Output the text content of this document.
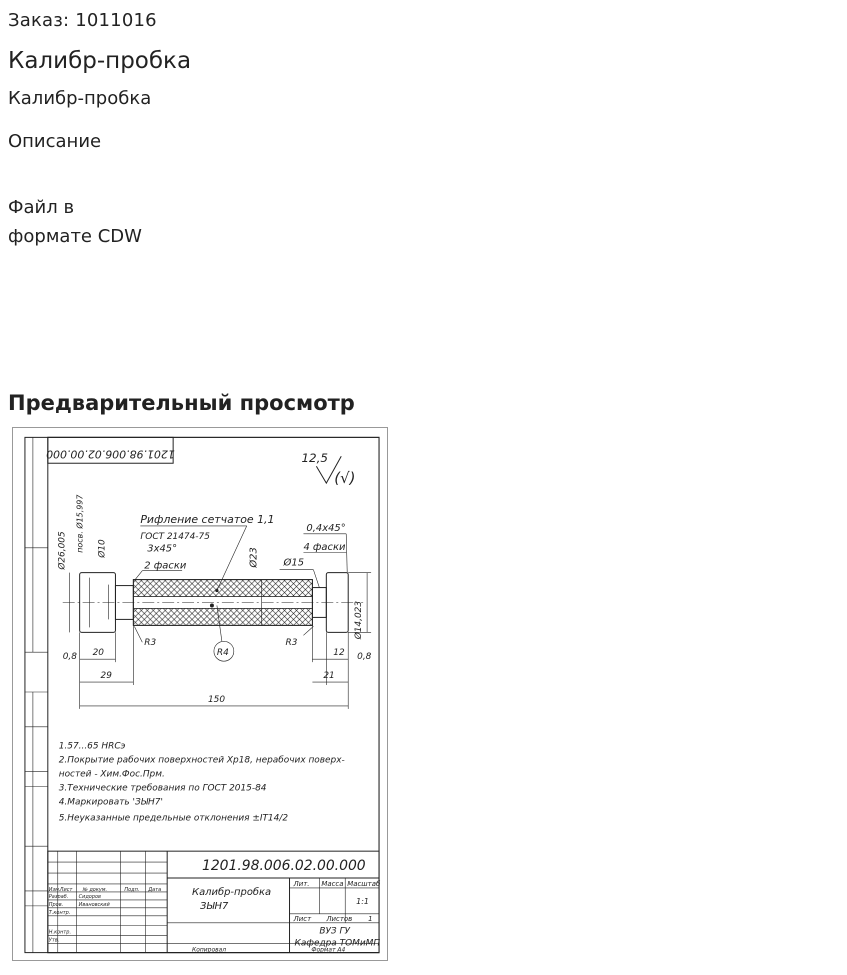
Заказ: 1011016
Калибр-пробка
Калибр-пробка
Описание
Файл в
формате CDW
Предварительный просмотр
1201.98.006.02.00.000	12,5
(√)
Ø26,005 посв. Ø15,997 Ø10
Рифление сетчатое 1,1
ГОСТ 21474-75
3х45°
2 фаски	Ø23
0,4х45°
4 фаски
Ø15
Ø14,023
R3
R4
R3
20
0,8
29
12 0,8
21
150
1.57...65 HRCэ
2.Покрытие рабочих поверхностей Хр18, нерабочих поверх-
ностей - Хим.Фос.Прм.
3.Технические требования по ГОСТ 2015-84
4.Маркировать 'ЗЫН7'
5.Неуказанные предельные отклонения ±IT14/2
1201.98.006.02.00.000
Калибр-пробка
ЗЫН7
Лит. Масса Масштаб
1:1
Лист Листов 1
ВУЗ ГУ
Кафедра ТОМиМП
Копировал	Формат А4
Изм. Лист № докум.	Подп. Дата
Разраб. Сидоров
Пров.	Ивановский
Т.контр.
Н.контр.
Утв.
